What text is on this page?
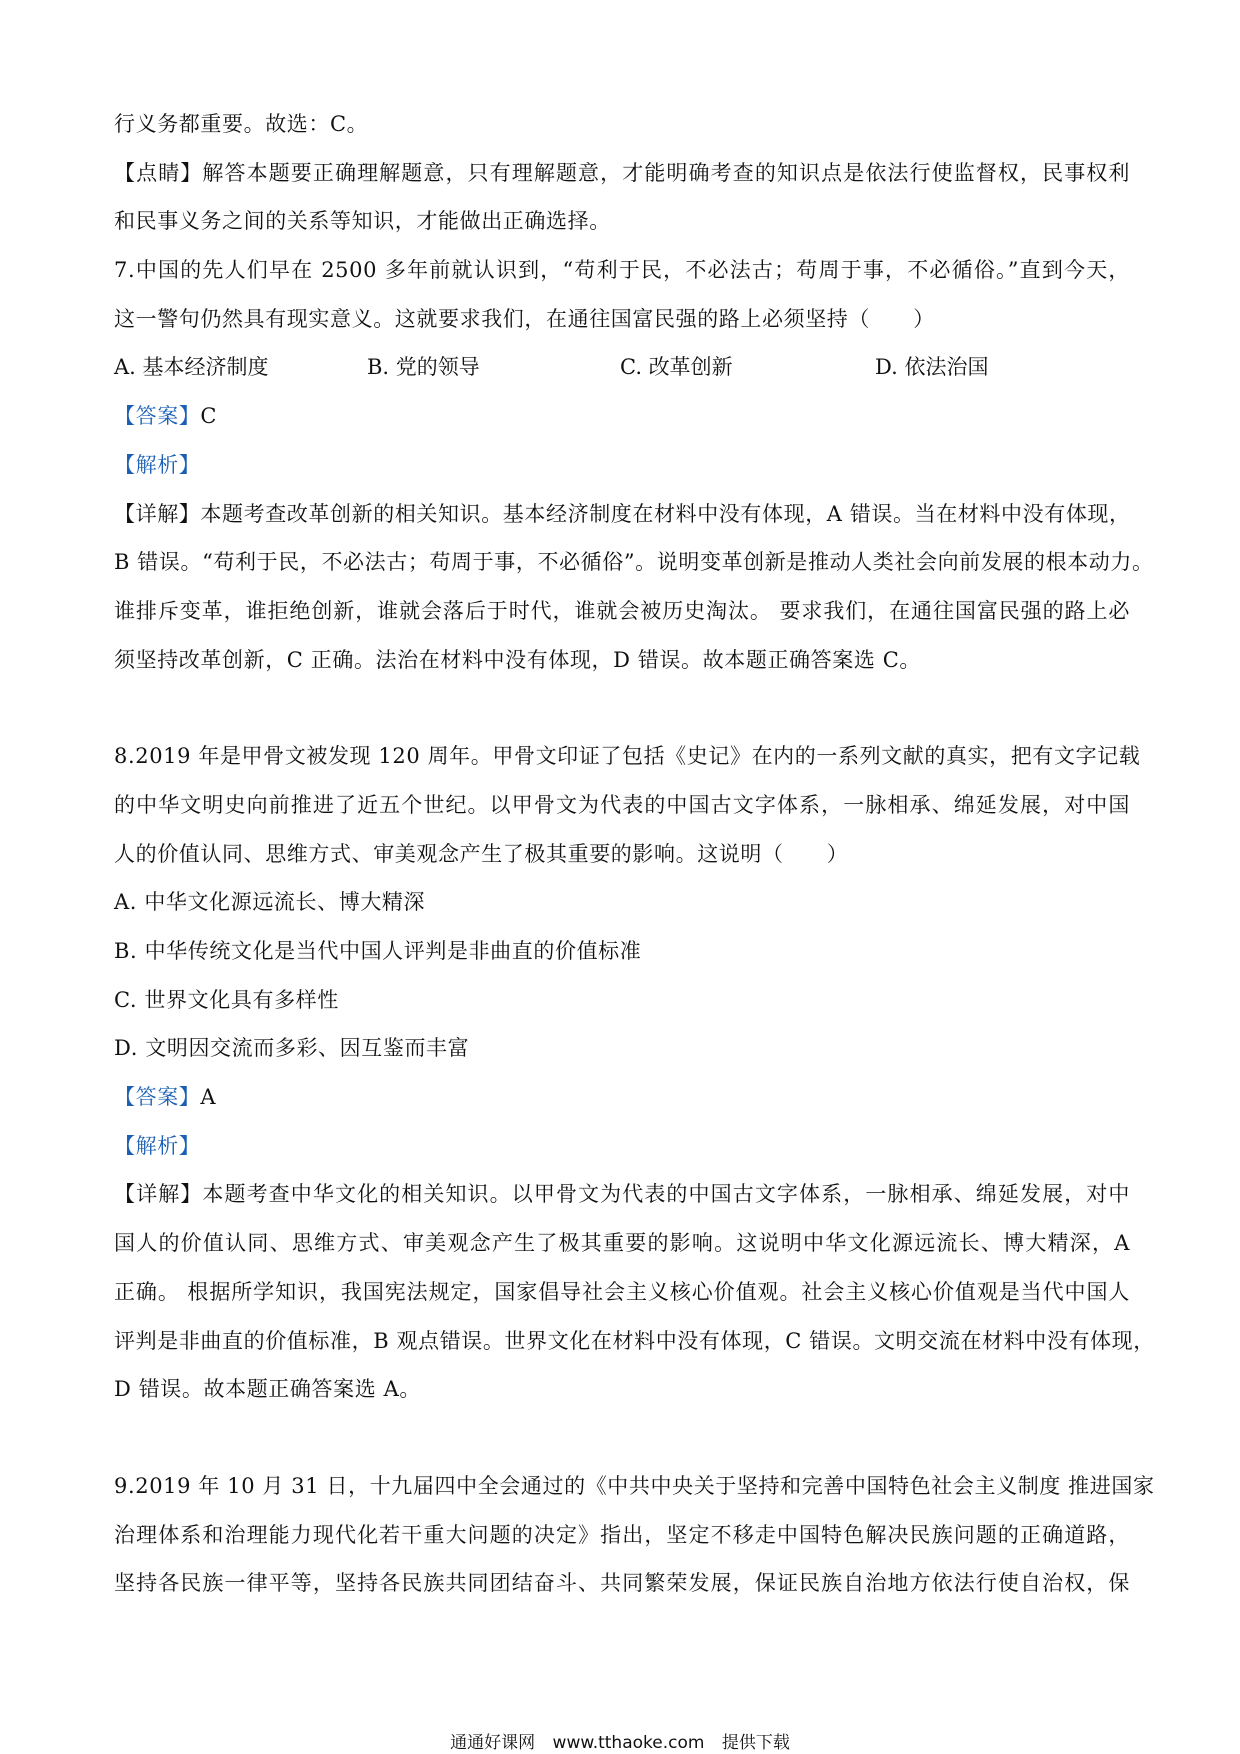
行义务都重要。故选：C。
【点睛】解答本题要正确理解题意，只有理解题意，才能明确考查的知识点是依法行使监督权，民事权利
和民事义务之间的关系等知识，才能做出正确选择。
7.中国的先人们早在 2500 多年前就认识到，“苟利于民，不必法古；苟周于事，不必循俗。”直到今天，
这一警句仍然具有现实意义。这就要求我们，在通往国富民强的路上必须坚持（　　）
A. 基本经济制度	B. 党的领导	C. 改革创新	D. 依法治国
【答案】C
【解析】
【详解】本题考查改革创新的相关知识。基本经济制度在材料中没有体现，A 错误。当在材料中没有体现，
B 错误。“苟利于民，不必法古；苟周于事，不必循俗”。说明变革创新是推动人类社会向前发展的根本动力。
谁排斥变革，谁拒绝创新，谁就会落后于时代，谁就会被历史淘汰。 要求我们，在通往国富民强的路上必
须坚持改革创新，C 正确。法治在材料中没有体现，D 错误。故本题正确答案选 C。
8.2019 年是甲骨文被发现 120 周年。甲骨文印证了包括《史记》在内的一系列文献的真实，把有文字记载
的中华文明史向前推进了近五个世纪。以甲骨文为代表的中国古文字体系，一脉相承、绵延发展，对中国
人的价值认同、思维方式、审美观念产生了极其重要的影响。这说明（　　）
A. 中华文化源远流长、博大精深
B. 中华传统文化是当代中国人评判是非曲直的价值标准
C. 世界文化具有多样性
D. 文明因交流而多彩、因互鉴而丰富
【答案】A
【解析】
【详解】本题考查中华文化的相关知识。以甲骨文为代表的中国古文字体系，一脉相承、绵延发展，对中
国人的价值认同、思维方式、审美观念产生了极其重要的影响。这说明中华文化源远流长、博大精深，A
正确。 根据所学知识，我国宪法规定，国家倡导社会主义核心价值观。社会主义核心价值观是当代中国人
评判是非曲直的价值标准，B 观点错误。世界文化在材料中没有体现，C 错误。文明交流在材料中没有体现，
D 错误。故本题正确答案选 A。
9.2019 年 10 月 31 日，十九届四中全会通过的《中共中央关于坚持和完善中国特色社会主义制度 推进国家
治理体系和治理能力现代化若干重大问题的决定》指出，坚定不移走中国特色解决民族问题的正确道路，
坚持各民族一律平等，坚持各民族共同团结奋斗、共同繁荣发展，保证民族自治地方依法行使自治权，保
通通好课网 www.tthaoke.com 提供下载
